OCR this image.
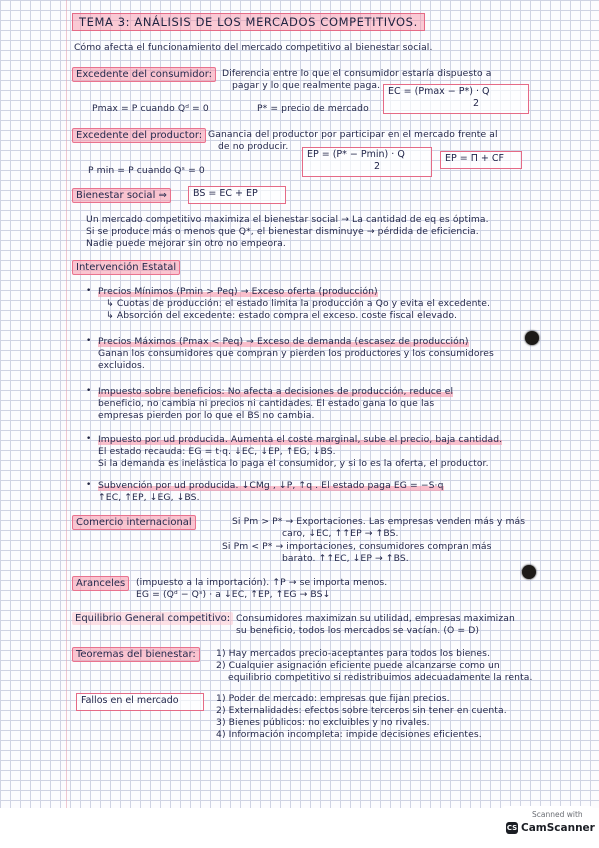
TEMA 3: ANÁLISIS DE LOS MERCADOS COMPETITIVOS.
Cómo afecta el funcionamiento del mercado competitivo al bienestar social.
Excedente del consumidor:	Diferencia entre lo que el consumidor estaría dispuesto a
pagar y lo que realmente paga.
EC = (Pmax − P*) · Q
2
Pmax = P cuando Qᵈ = 0	P* = precio de mercado
Excedente del productor: Ganancia del productor por participar en el mercado frente al
de no producir.
EP = (P* − Pmin) · Q
2
EP = Π + CF
P min = P cuando Qˢ = 0
Bienestar social ⇒	BS = EC + EP
Un mercado competitivo maximiza el bienestar social → La cantidad de eq es óptima.
Si se produce más o menos que Q*, el bienestar disminuye → pérdida de eficiencia.
Nadie puede mejorar sin otro no empeora.
Intervención Estatal
• Precios Mínimos (Pmin > Peq) → Exceso oferta (producción)
↳ Cuotas de producción: el estado limita la producción a Qo y evita el excedente.
↳ Absorción del excedente: estado compra el exceso. coste fiscal elevado.
• Precios Máximos (Pmax < Peq) → Exceso de demanda (escasez de producción)
Ganan los consumidores que compran y pierden los productores y los consumidores
excluidos.
• Impuesto sobre beneficios: No afecta a decisiones de producción, reduce el
beneficio, no cambia ni precios ni cantidades. El estado gana lo que las
empresas pierden por lo que el BS no cambia.
• Impuesto por ud producida. Aumenta el coste marginal, sube el precio, baja cantidad.
El estado recauda: EG = t·q. ↓EC, ↓EP, ↑EG, ↓BS.
Si la demanda es inelástica lo paga el consumidor, y si lo es la oferta, el productor.
• Subvención por ud producida. ↓CMg , ↓P, ↑q . El estado paga EG = −S·q
↑EC, ↑EP, ↓EG, ↓BS.
Comercio internacional	Si Pm > P* → Exportaciones. Las empresas venden más y más
caro, ↓EC, ↑↑EP → ↑BS.
Si Pm < P* → importaciones, consumidores compran más
barato. ↑↑EC, ↓EP → ↑BS.
Aranceles	(impuesto a la importación). ↑P → se importa menos.
EG = (Qᵈ − Qˢ) · a ↓EC, ↑EP, ↑EG → BS↓
Equilibrio General competitivo: Consumidores maximizan su utilidad, empresas maximizan
su beneficio, todos los mercados se vacían. (O = D)
Teoremas del bienestar:	1) Hay mercados precio-aceptantes para todos los bienes.
2) Cualquier asignación eficiente puede alcanzarse como un
equilibrio competitivo si redistribuimos adecuadamente la renta.
Fallos en el mercado	1) Poder de mercado: empresas que fijan precios.
2) Externalidades: efectos sobre terceros sin tener en cuenta.
3) Bienes públicos: no excluibles y no rivales.
4) Información incompleta: impide decisiones eficientes.
Scanned with
CS CamScanner
